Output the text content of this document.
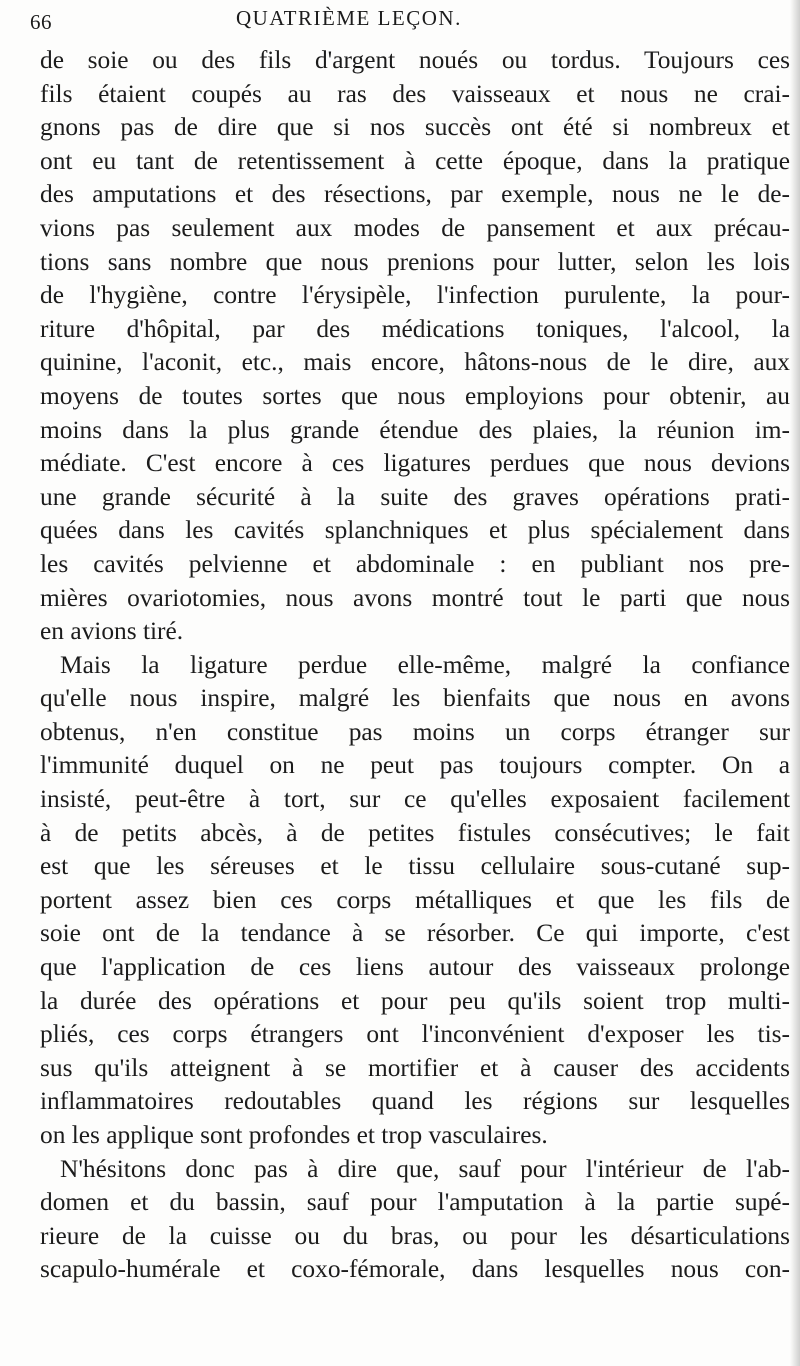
66	QUATRIÈME LEÇON.
de soie ou des fils d'argent noués ou tordus. Toujours ces
fils étaient coupés au ras des vaisseaux et nous ne crai-
gnons pas de dire que si nos succès ont été si nombreux et
ont eu tant de retentissement à cette époque, dans la pratique
des amputations et des résections, par exemple, nous ne le de-
vions pas seulement aux modes de pansement et aux précau-
tions sans nombre que nous prenions pour lutter, selon les lois
de l'hygiène, contre l'érysipèle, l'infection purulente, la pour-
riture d'hôpital, par des médications toniques, l'alcool, la
quinine, l'aconit, etc., mais encore, hâtons-nous de le dire, aux
moyens de toutes sortes que nous employions pour obtenir, au
moins dans la plus grande étendue des plaies, la réunion im-
médiate. C'est encore à ces ligatures perdues que nous devions
une grande sécurité à la suite des graves opérations prati-
quées dans les cavités splanchniques et plus spécialement dans
les cavités pelvienne et abdominale : en publiant nos pre-
mières ovariotomies, nous avons montré tout le parti que nous
en avions tiré.
Mais la ligature perdue elle-même, malgré la confiance
qu'elle nous inspire, malgré les bienfaits que nous en avons
obtenus, n'en constitue pas moins un corps étranger sur
l'immunité duquel on ne peut pas toujours compter. On a
insisté, peut-être à tort, sur ce qu'elles exposaient facilement
à de petits abcès, à de petites fistules consécutives; le fait
est que les séreuses et le tissu cellulaire sous-cutané sup-
portent assez bien ces corps métalliques et que les fils de
soie ont de la tendance à se résorber. Ce qui importe, c'est
que l'application de ces liens autour des vaisseaux prolonge
la durée des opérations et pour peu qu'ils soient trop multi-
pliés, ces corps étrangers ont l'inconvénient d'exposer les tis-
sus qu'ils atteignent à se mortifier et à causer des accidents
inflammatoires redoutables quand les régions sur lesquelles
on les applique sont profondes et trop vasculaires.
N'hésitons donc pas à dire que, sauf pour l'intérieur de l'ab-
domen et du bassin, sauf pour l'amputation à la partie supé-
rieure de la cuisse ou du bras, ou pour les désarticulations
scapulo-humérale et coxo-fémorale, dans lesquelles nous con-
